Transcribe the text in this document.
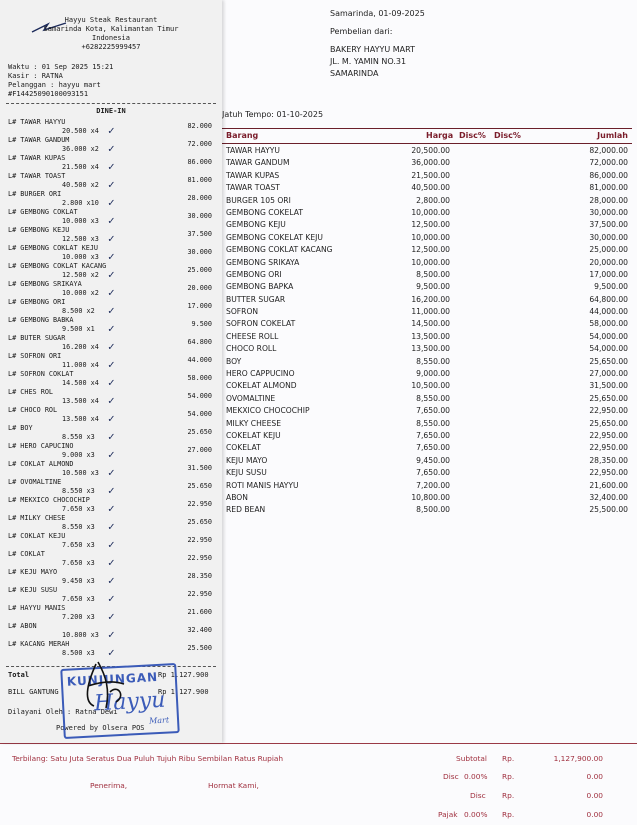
Samarinda, 01-09-2025
Pembelian dari:
BAKERY HAYYU MART
JL. M. YAMIN NO.31
SAMARINDA
Jatuh Tempo: 01-10-2025
Barang	Harga Disc% Disc%	Jumlah
TAWAR HAYYU	20,500.00	82,000.00
TAWAR GANDUM	36,000.00	72,000.00
TAWAR KUPAS	21,500.00	86,000.00
TAWAR TOAST	40,500.00	81,000.00
BURGER 105 ORI	2,800.00	28,000.00
GEMBONG COKELAT	10,000.00	30,000.00
GEMBONG KEJU	12,500.00	37,500.00
GEMBONG COKELAT KEJU	10,000.00	30,000.00
GEMBONG COKLAT KACANG	12,500.00	25,000.00
GEMBONG SRIKAYA	10,000.00	20,000.00
GEMBONG ORI	8,500.00	17,000.00
GEMBONG BAPKA	9,500.00	9,500.00
BUTTER SUGAR	16,200.00	64,800.00
SOFRON	11,000.00	44,000.00
SOFRON COKELAT	14,500.00	58,000.00
CHEESE ROLL	13,500.00	54,000.00
CHOCO ROLL	13,500.00	54,000.00
BOY	8,550.00	25,650.00
HERO CAPPUCINO	9,000.00	27,000.00
COKELAT ALMOND	10,500.00	31,500.00
OVOMALTINE	8,550.00	25,650.00
MEKXICO CHOCOCHIP	7,650.00	22,950.00
MILKY CHEESE	8,550.00	25,650.00
COKELAT KEJU	7,650.00	22,950.00
COKELAT	7,650.00	22,950.00
KEJU MAYO	9,450.00	28,350.00
KEJU SUSU	7,650.00	22,950.00
ROTI MANIS HAYYU	7,200.00	21,600.00
ABON	10,800.00	32,400.00
RED BEAN	8,500.00	25,500.00
Terbilang: Satu Juta Seratus Dua Puluh Tujuh Ribu Sembilan Ratus Rupiah
Penerima,	Hormat Kami,
Subtotal Rp.	1,127,900.00
Disc 0.00% Rp.	0.00
Disc Rp.	0.00
Pajak 0.00% Rp.	0.00
Hayyu Steak Restaurant
Samarinda Kota, Kalimantan Timur
Indonesia
+6282225999457
Waktu : 01 Sep 2025 15:21
Kasir : RATNA
Pelanggan : hayyu mart
#F14425090100093151
DINE-IN
L# TAWAR HAYYU
20.500 x4
82.000
✓
L# TAWAR GANDUM
36.000 x2
72.000
✓
L# TAWAR KUPAS
21.500 x4
86.000
✓
L# TAWAR TOAST
40.500 x2
81.000
✓
L# BURGER ORI
2.800 x10
28.000
✓
L# GEMBONG COKLAT
10.000 x3
30.000
✓
L# GEMBONG KEJU
12.500 x3
37.500
✓
L# GEMBONG COKLAT KEJU
10.000 x3
30.000
✓
L# GEMBONG COKLAT KACANG
12.500 x2
25.000
✓
L# GEMBONG SRIKAYA
10.000 x2
20.000
✓
L# GEMBONG ORI
8.500 x2
17.000
✓
L# GEMBONG BABKA
9.500 x1
9.500
✓
L# BUTER SUGAR
16.200 x4
64.800
✓
L# SOFRON ORI
11.000 x4
44.000
✓
L# SOFRON COKLAT
14.500 x4
58.000
✓
L# CHES ROL
13.500 x4
54.000
✓
L# CHOCO ROL
13.500 x4
54.000
✓
L# BOY
8.550 x3
25.650
✓
L# HERO CAPUCINO
9.000 x3
27.000
✓
L# COKLAT ALMOND
10.500 x3
31.500
✓
L# OVOMALTINE
8.550 x3
25.650
✓
L# MEKXICO CHOCOCHIP
7.650 x3
22.950
✓
L# MILKY CHESE
8.550 x3
25.650
✓
L# COKLAT KEJU
7.650 x3
22.950
✓
L# COKLAT
7.650 x3
22.950
✓
L# KEJU MAYO
9.450 x3
28.350
✓
L# KEJU SUSU
7.650 x3
22.950
✓
L# HAYYU MANIS
7.200 x3
21.600
✓
L# ABON
10.800 x3
32.400
✓
L# KACANG MERAH
8.500 x3
25.500
✓
Total	Rp 1.127.900
BILL GANTUNG	Rp 1.127.900
Dilayani Oleh : Ratna Dewi
Powered by Olsera POS
KUNJUNGAN
Hayyu
Mart
